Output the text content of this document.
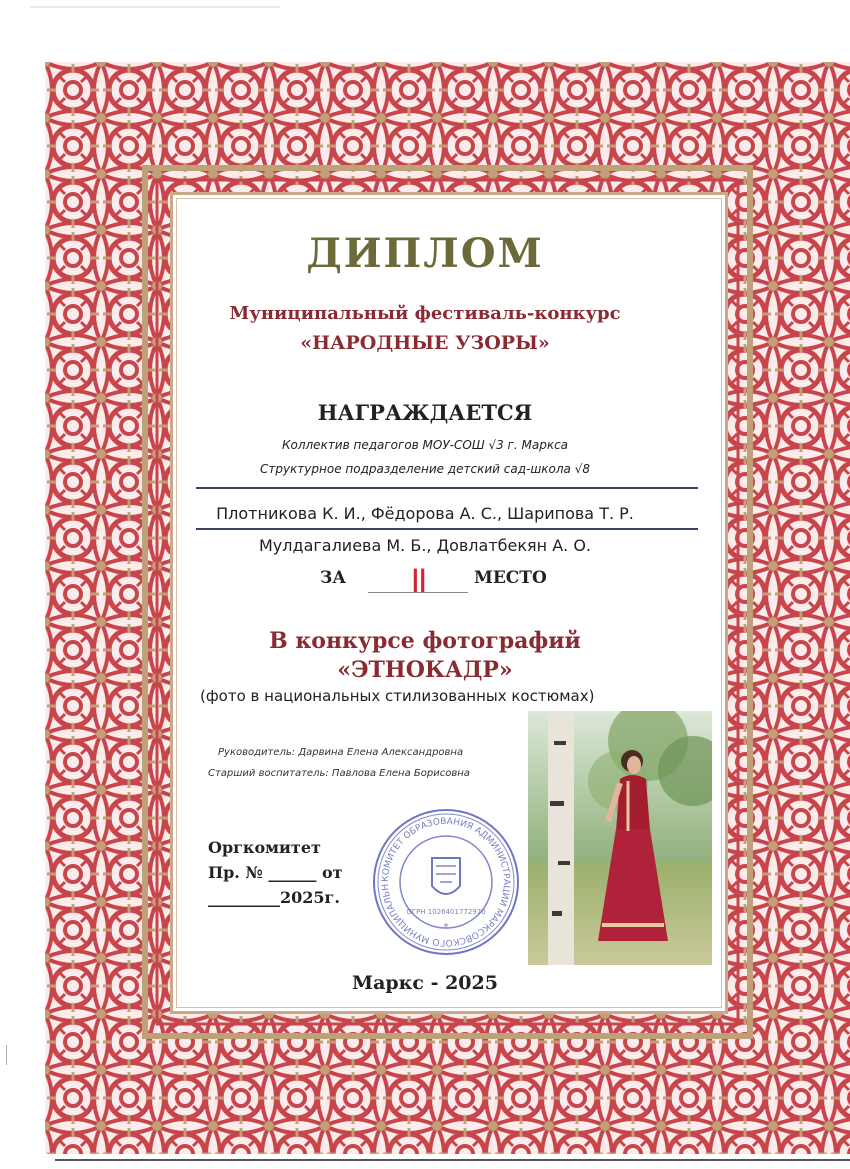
ДИПЛОМ
Муниципальный фестиваль-конкурс
«НАРОДНЫЕ УЗОРЫ»
НАГРАЖДАЕТСЯ
Коллектив педагогов МОУ-СОШ √3 г. Маркса
Структурное подразделение детский сад-школа √8
Плотникова К. И., Фёдорова А. С., Шарипова Т. Р.
Мулдагалиева М. Б., Довлатбекян А. О.
ЗА	II	МЕСТО
В конкурсе фотографий
«ЭТНОКАДР»
(фото в национальных стилизованных костюмах)
Руководитель: Дарвина Елена Александровна
Старший воспитатель: Павлова Елена Борисовна
Оргкомитет
Пр. № ______ от
_________2025г.
КОМИТЕТ ОБРАЗОВАНИЯ АДМИНИСТРАЦИИ МАРКСОВСКОГО МУНИЦИПАЛЬН
ОГРН 1026401772970
*
Маркс - 2025
